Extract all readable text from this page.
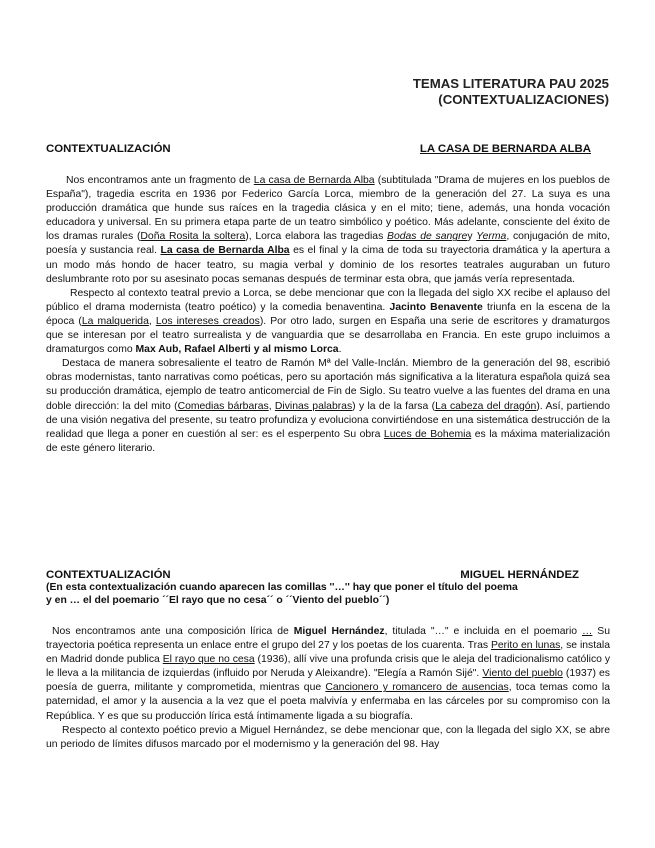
TEMAS LITERATURA PAU 2025
(CONTEXTUALIZACIONES)
CONTEXTUALIZACIÓN	LA CASA DE BERNARDA ALBA

Nos encontramos ante un fragmento de La casa de Bernarda Alba (subtitulada "Drama de mujeres en los pueblos de España"), tragedia escrita en 1936 por Federico García Lorca, miembro de la generación del 27. La suya es una producción dramática que hunde sus raíces en la tragedia clásica y en el mito; tiene, además, una honda vocación educadora y universal. En su primera etapa parte de un teatro simbólico y poético. Más adelante, consciente del éxito de los dramas rurales (Doña Rosita la soltera), Lorca elabora las tragedias Bodas de sangrey Yerma, conjugación de mito, poesía y sustancia real. La casa de Bernarda Alba es el final y la cima de toda su trayectoria dramática y la apertura a un modo más hondo de hacer teatro, su magia verbal y dominio de los resortes teatrales auguraban un futuro deslumbrante roto por su asesinato pocas semanas después de terminar esta obra, que jamás vería representada.

Respecto al contexto teatral previo a Lorca, se debe mencionar que con la llegada del siglo XX recibe el aplauso del público el drama modernista (teatro poético) y la comedia benaventina. Jacinto Benavente triunfa en la escena de la época (La malquerida, Los intereses creados). Por otro lado, surgen en España una serie de escritores y dramaturgos que se interesan por el teatro surrealista y de vanguardia que se desarrollaba en Francia. En este grupo incluimos a dramaturgos como Max Aub, Rafael Alberti y al mismo Lorca.

Destaca de manera sobresaliente el teatro de Ramón Mª del Valle-Inclán. Miembro de la generación del 98, escribió obras modernistas, tanto narrativas como poéticas, pero su aportación más significativa a la literatura española quizá sea su producción dramática, ejemplo de teatro anticomercial de Fin de Siglo. Su teatro vuelve a las fuentes del drama en una doble dirección: la del mito (Comedias bárbaras, Divinas palabras) y la de la farsa (La cabeza del dragón). Así, partiendo de una visión negativa del presente, su teatro profundiza y evoluciona convirtiéndose en una sistemática destrucción de la realidad que llega a poner en cuestión al ser: es el esperpento Su obra Luces de Bohemia es la máxima materialización de este género literario.

CONTEXTUALIZACIÓN	MIGUEL HERNÁNDEZ
(En esta contextualización cuando aparecen las comillas ''…'' hay que poner el título del poema
y en … el del poemario ´´El rayo que no cesa´´ o ´´Viento del pueblo´´)

Nos encontramos ante una composición lírica de Miguel Hernández, titulada "…" e incluida en el poemario … Su trayectoria poética representa un enlace entre el grupo del 27 y los poetas de los cuarenta. Tras Perito en lunas, se instala en Madrid donde publica El rayo que no cesa (1936), allí vive una profunda crisis que le aleja del tradicionalismo católico y le lleva a la militancia de izquierdas (influido por Neruda y Aleixandre). "Elegía a Ramón Sijé". Viento del pueblo (1937) es poesía de guerra, militante y comprometida, mientras que Cancionero y romancero de ausencias, toca temas como la paternidad, el amor y la ausencia a la vez que el poeta malvivía y enfermaba en las cárceles por su compromiso con la República. Y es que su producción lírica está íntimamente ligada a su biografía.

Respecto al contexto poético previo a Miguel Hernández, se debe mencionar que, con la llegada del siglo XX, se abre un periodo de límites difusos marcado por el modernismo y la generación del 98. Hay
